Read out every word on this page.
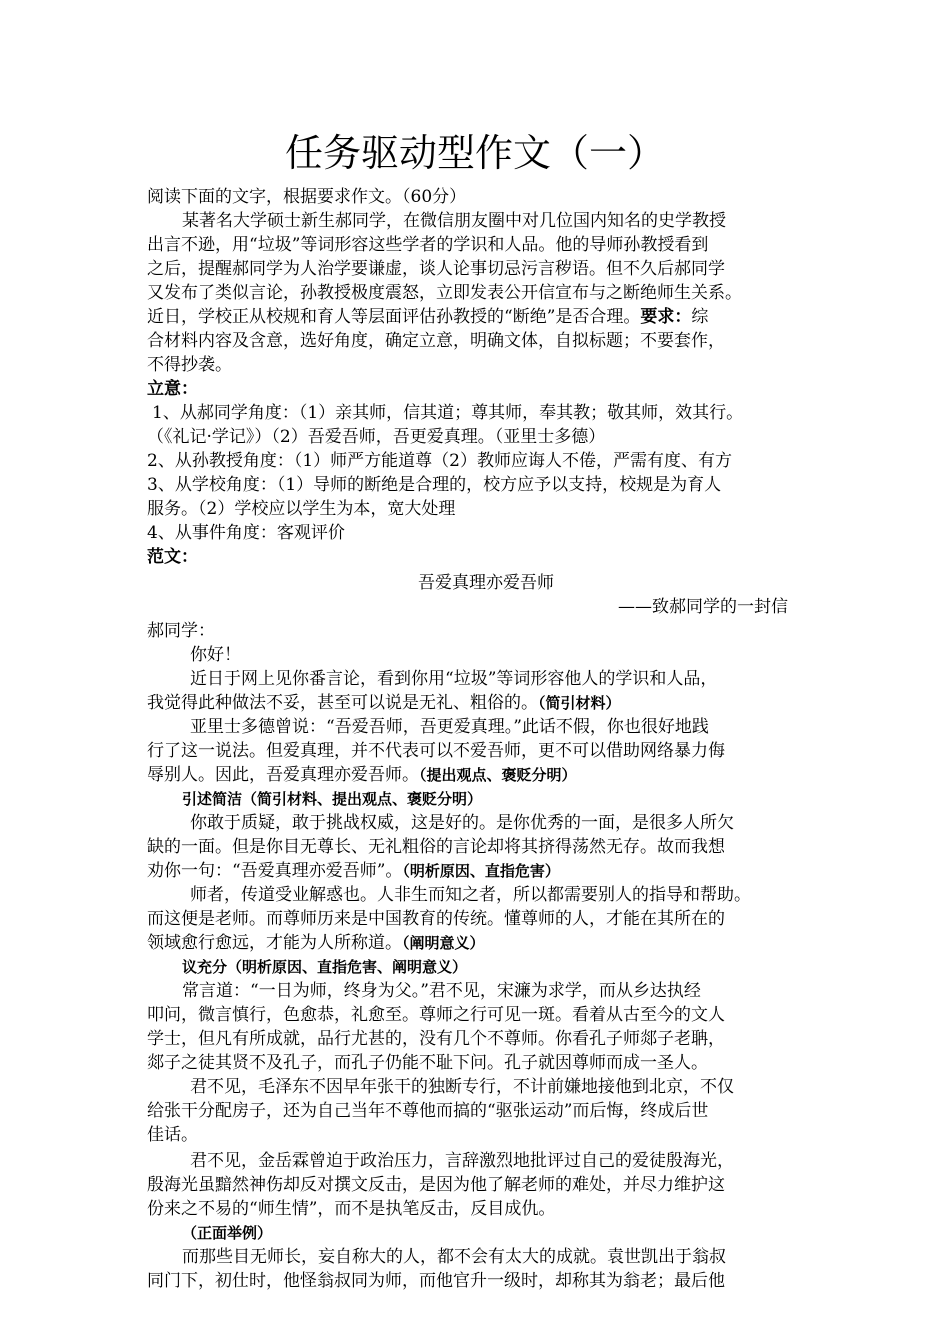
任务驱动型作文（一）
阅读下面的文字，根据要求作文。（60分）
某著名大学硕士新生郝同学，在微信朋友圈中对几位国内知名的史学教授
出言不逊，用“垃圾”等词形容这些学者的学识和人品。他的导师孙教授看到
之后，提醒郝同学为人治学要谦虚，谈人论事切忌污言秽语。但不久后郝同学
又发布了类似言论，孙教授极度震怒，立即发表公开信宣布与之断绝师生关系。
近日，学校正从校规和育人等层面评估孙教授的“断绝”是否合理。要求：综
合材料内容及含意，选好角度，确定立意，明确文体，自拟标题；不要套作，
不得抄袭。
立意：
1、从郝同学角度：（1）亲其师，信其道；尊其师，奉其教；敬其师，效其行。
（《礼记·学记》）（2）吾爱吾师，吾更爱真理。（亚里士多德）
2、从孙教授角度：（1）师严方能道尊（2）教师应诲人不倦，严需有度、有方
3、从学校角度：（1）导师的断绝是合理的，校方应予以支持，校规是为育人
服务。（2）学校应以学生为本，宽大处理
4、从事件角度：客观评价
范文：
吾爱真理亦爱吾师
——致郝同学的一封信
郝同学：
你好！
近日于网上见你番言论，看到你用“垃圾”等词形容他人的学识和人品，
我觉得此种做法不妥，甚至可以说是无礼、粗俗的。（简引材料）
亚里士多德曾说：“吾爱吾师，吾更爱真理。”此话不假，你也很好地践
行了这一说法。但爱真理，并不代表可以不爱吾师，更不可以借助网络暴力侮
辱别人。因此，吾爱真理亦爱吾师。（提出观点、褒贬分明）
引述简洁（简引材料、提出观点、褒贬分明）
你敢于质疑，敢于挑战权威，这是好的。是你优秀的一面，是很多人所欠
缺的一面。但是你目无尊长、无礼粗俗的言论却将其挤得荡然无存。故而我想
劝你一句：“吾爱真理亦爱吾师”。（明析原因、直指危害）
师者，传道受业解惑也。人非生而知之者，所以都需要别人的指导和帮助。
而这便是老师。而尊师历来是中国教育的传统。懂尊师的人，才能在其所在的
领域愈行愈远，才能为人所称道。（阐明意义）
议充分（明析原因、直指危害、阐明意义）
常言道：“一日为师，终身为父。”君不见，宋濂为求学，而从乡达执经
叩问，微言慎行，色愈恭，礼愈至。尊师之行可见一斑。看着从古至今的文人
学士，但凡有所成就，品行尤甚的，没有几个不尊师。你看孔子师郯子老聃，
郯子之徒其贤不及孔子，而孔子仍能不耻下问。孔子就因尊师而成一圣人。
君不见，毛泽东不因早年张干的独断专行，不计前嫌地接他到北京，不仅
给张干分配房子，还为自己当年不尊他而搞的“驱张运动”而后悔，终成后世
佳话。
君不见，金岳霖曾迫于政治压力，言辞激烈地批评过自己的爱徒殷海光，
殷海光虽黯然神伤却反对撰文反击，是因为他了解老师的难处，并尽力维护这
份来之不易的“师生情”，而不是执笔反击，反目成仇。
（正面举例）
而那些目无师长，妄自称大的人，都不会有太大的成就。袁世凯出于翁叔
同门下，初仕时，他怪翁叔同为师，而他官升一级时，却称其为翁老；最后他
